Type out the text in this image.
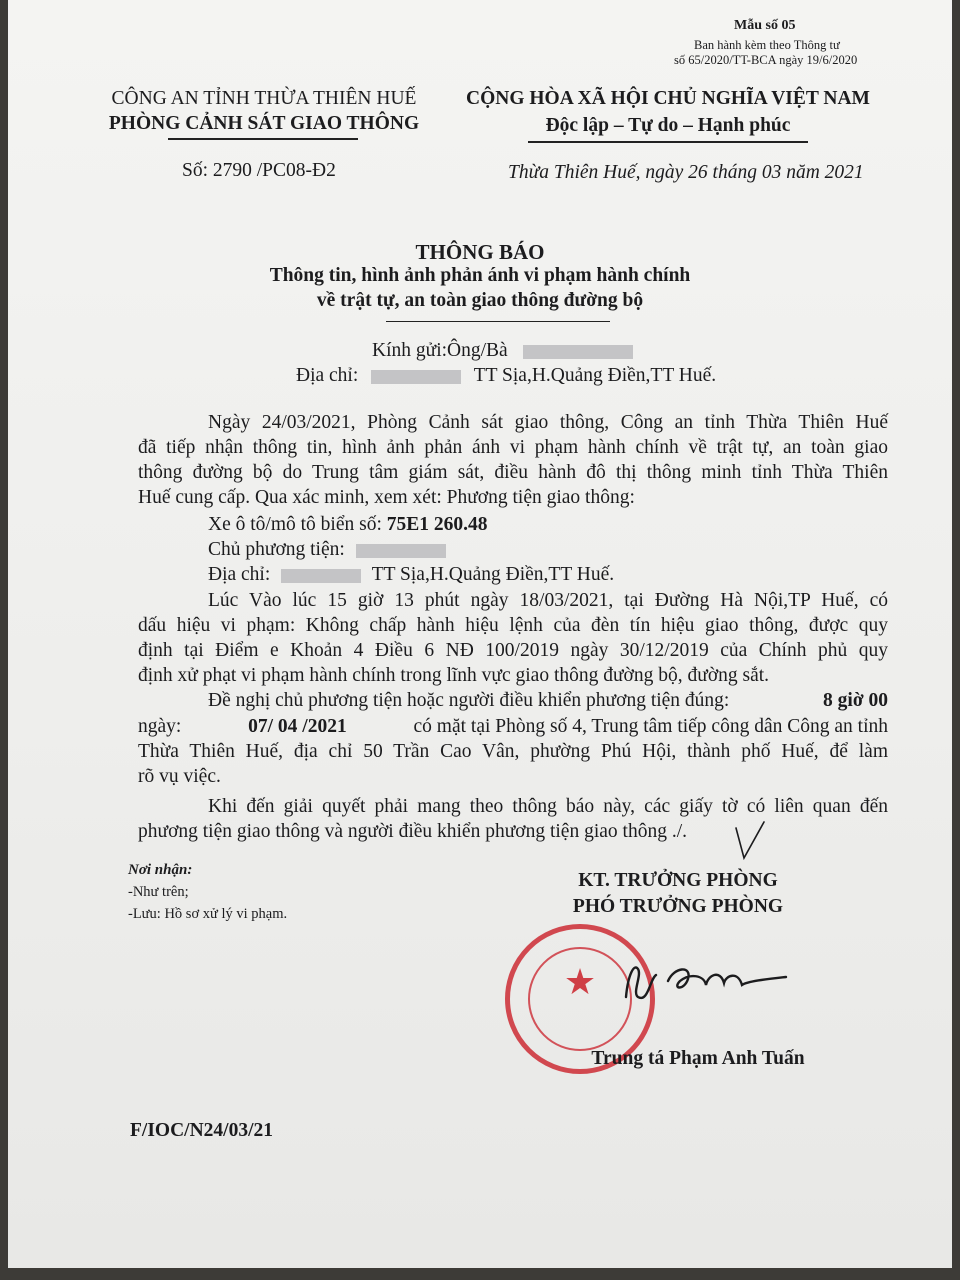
Mẫu số 05
Ban hành kèm theo Thông tư
số 65/2020/TT-BCA ngày 19/6/2020
CÔNG AN TỈNH THỪA THIÊN HUẾ
PHÒNG CẢNH SÁT GIAO THÔNG
CỘNG HÒA XÃ HỘI CHỦ NGHĨA VIỆT NAM
Độc lập – Tự do – Hạnh phúc
Số: 2790 /PC08-Đ2	Thừa Thiên Huế, ngày 26 tháng 03 năm 2021
THÔNG BÁO
Thông tin, hình ảnh phản ánh vi phạm hành chính
về trật tự, an toàn giao thông đường bộ
Kính gửi:Ông/Bà
Địa chỉ:	TT Sịa,H.Quảng Điền,TT Huế.
Ngày 24/03/2021, Phòng Cảnh sát giao thông, Công an tỉnh Thừa Thiên Huế
đã tiếp nhận thông tin, hình ảnh phản ánh vi phạm hành chính về trật tự, an toàn giao
thông đường bộ do Trung tâm giám sát, điều hành đô thị thông minh tỉnh Thừa Thiên
Huế cung cấp. Qua xác minh, xem xét: Phương tiện giao thông:
Xe ô tô/mô tô biển số: 75E1 260.48
Chủ phương tiện:
Địa chỉ:	TT Sịa,H.Quảng Điền,TT Huế.
Lúc Vào lúc 15 giờ 13 phút ngày 18/03/2021, tại Đường Hà Nội,TP Huế, có
dấu hiệu vi phạm: Không chấp hành hiệu lệnh của đèn tín hiệu giao thông, được quy
định tại Điểm e Khoản 4 Điều 6 NĐ 100/2019 ngày 30/12/2019 của Chính phủ quy
định xử phạt vi phạm hành chính trong lĩnh vực giao thông đường bộ, đường sắt.
Đề nghị chủ phương tiện hoặc người điều khiển phương tiện đúng:	8 giờ 00
ngày:	07/ 04 /2021	có mặt tại Phòng số 4, Trung tâm tiếp công dân Công an tỉnh
Thừa Thiên Huế, địa chỉ 50 Trần Cao Vân, phường Phú Hội, thành phố Huế, để làm
rõ vụ việc.
Khi đến giải quyết phải mang theo thông báo này, các giấy tờ có liên quan đến
phương tiện giao thông và người điều khiển phương tiện giao thông ./.
Nơi nhận:
-Như trên;
-Lưu: Hồ sơ xử lý vi phạm.
KT. TRƯỞNG PHÒNG
PHÓ TRƯỞNG PHÒNG
★
Trung tá Phạm Anh Tuấn
F/IOC/N24/03/21
